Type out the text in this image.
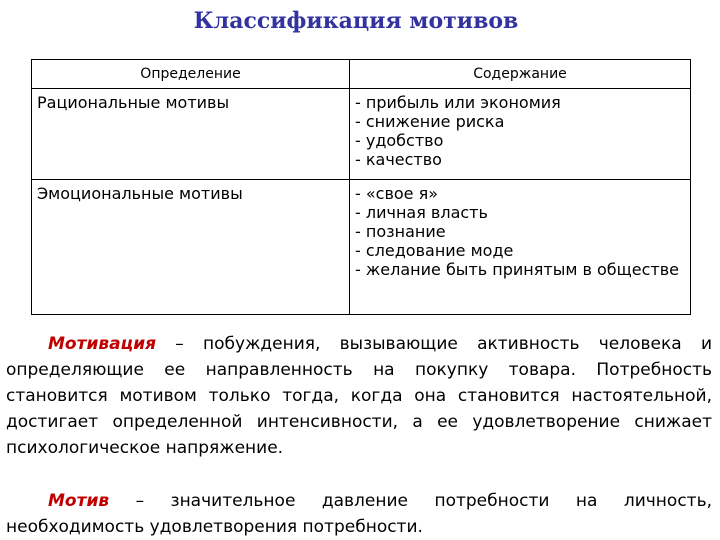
Классификация мотивов
Определение	Содержание
Рациональные мотивы	- прибыль или экономия
- снижение риска
- удобство
- качество

Эмоциональные мотивы	- «свое я»
- личная власть
- познание
- следование моде
- желание быть принятым в обществе

Мотивация – побуждения, вызывающие активность человека и определяющие ее направленность на покупку товара. Потребность становится мотивом только тогда, когда она становится настоятельной, достигает определенной интенсивности, а ее удовлетворение снижает психологическое напряжение.

Мотив – значительное давление потребности на личность, необходимость удовлетворения потребности.
